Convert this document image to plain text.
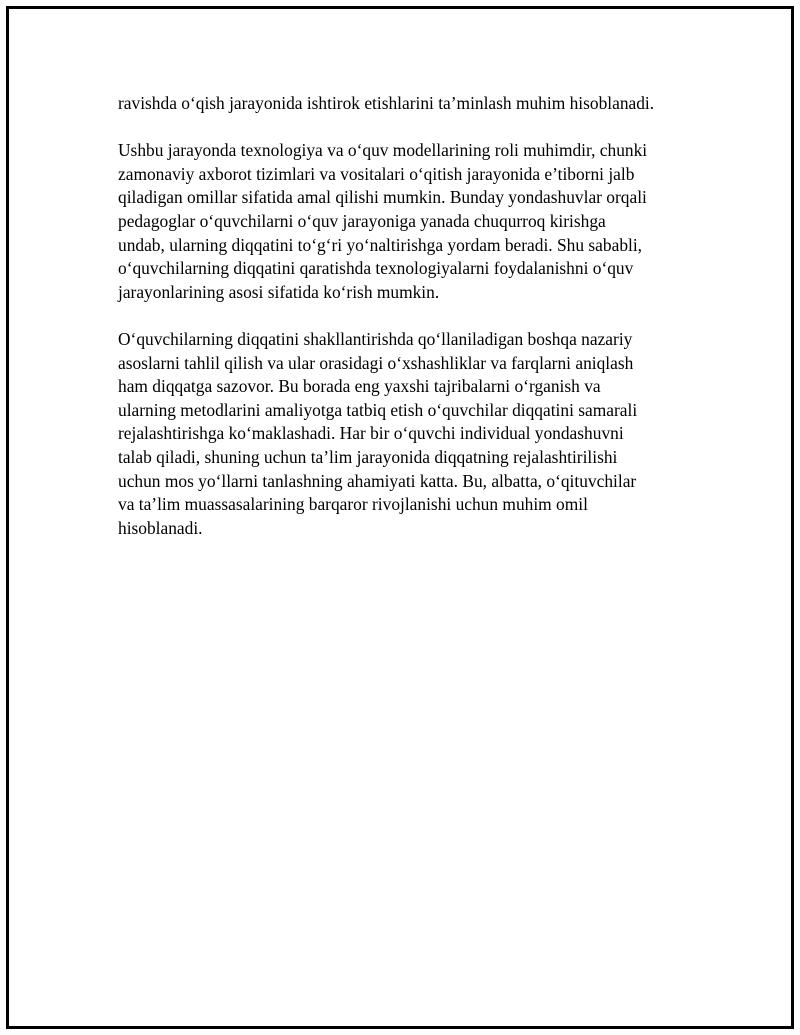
ravishda o‘qish jarayonida ishtirok etishlarini ta’minlash muhim hisoblanadi.

Ushbu jarayonda texnologiya va o‘quv modellarining roli muhimdir, chunki
zamonaviy axborot tizimlari va vositalari o‘qitish jarayonida e’tiborni jalb
qiladigan omillar sifatida amal qilishi mumkin. Bunday yondashuvlar orqali
pedagoglar o‘quvchilarni o‘quv jarayoniga yanada chuqurroq kirishga
undab, ularning diqqatini to‘g‘ri yo‘naltirishga yordam beradi. Shu sababli,
o‘quvchilarning diqqatini qaratishda texnologiyalarni foydalanishni o‘quv
jarayonlarining asosi sifatida ko‘rish mumkin.

O‘quvchilarning diqqatini shakllantirishda qo‘llaniladigan boshqa nazariy
asoslarni tahlil qilish va ular orasidagi o‘xshashliklar va farqlarni aniqlash
ham diqqatga sazovor. Bu borada eng yaxshi tajribalarni o‘rganish va
ularning metodlarini amaliyotga tatbiq etish o‘quvchilar diqqatini samarali
rejalashtirishga ko‘maklashadi. Har bir o‘quvchi individual yondashuvni
talab qiladi, shuning uchun ta’lim jarayonida diqqatning rejalashtirilishi
uchun mos yo‘llarni tanlashning ahamiyati katta. Bu, albatta, o‘qituvchilar
va ta’lim muassasalarining barqaror rivojlanishi uchun muhim omil
hisoblanadi.
